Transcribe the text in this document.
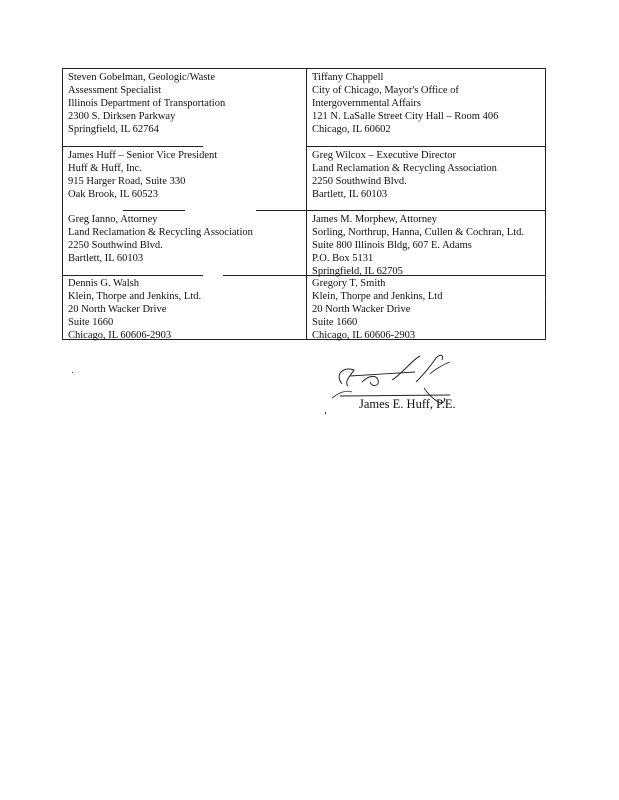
Steven Gobelman, Geologic/Waste
Assessment Specialist
Illinois Department of Transportation
2300 S. Dirksen Parkway
Springfield, IL 62764
Tiffany Chappell
City of Chicago, Mayor's Office of
Intergovernmental Affairs
121 N. LaSalle Street City Hall – Room 406
Chicago, IL 60602
James Huff – Senior Vice President
Huff & Huff, Inc.
915 Harger Road, Suite 330
Oak Brook, IL 60523
Greg Wilcox – Executive Director
Land Reclamation & Recycling Association
2250 Southwind Blvd.
Bartlett, IL 60103
Greg Ianno, Attorney
Land Reclamation & Recycling Association
2250 Southwind Blvd.
Bartlett, IL 60103
James M. Morphew, Attorney
Sorling, Northrup, Hanna, Cullen & Cochran, Ltd.
Suite 800 Illinois Bldg, 607 E. Adams
P.O. Box 5131
Springfield, IL 62705
Dennis G. Walsh
Klein, Thorpe and Jenkins, Ltd.
20 North Wacker Drive
Suite 1660
Chicago, IL 60606-2903
Gregory T. Smith
Klein, Thorpe and Jenkins, Ltd
20 North Wacker Drive
Suite 1660
Chicago, IL 60606-2903
James E. Huff, P.E.
